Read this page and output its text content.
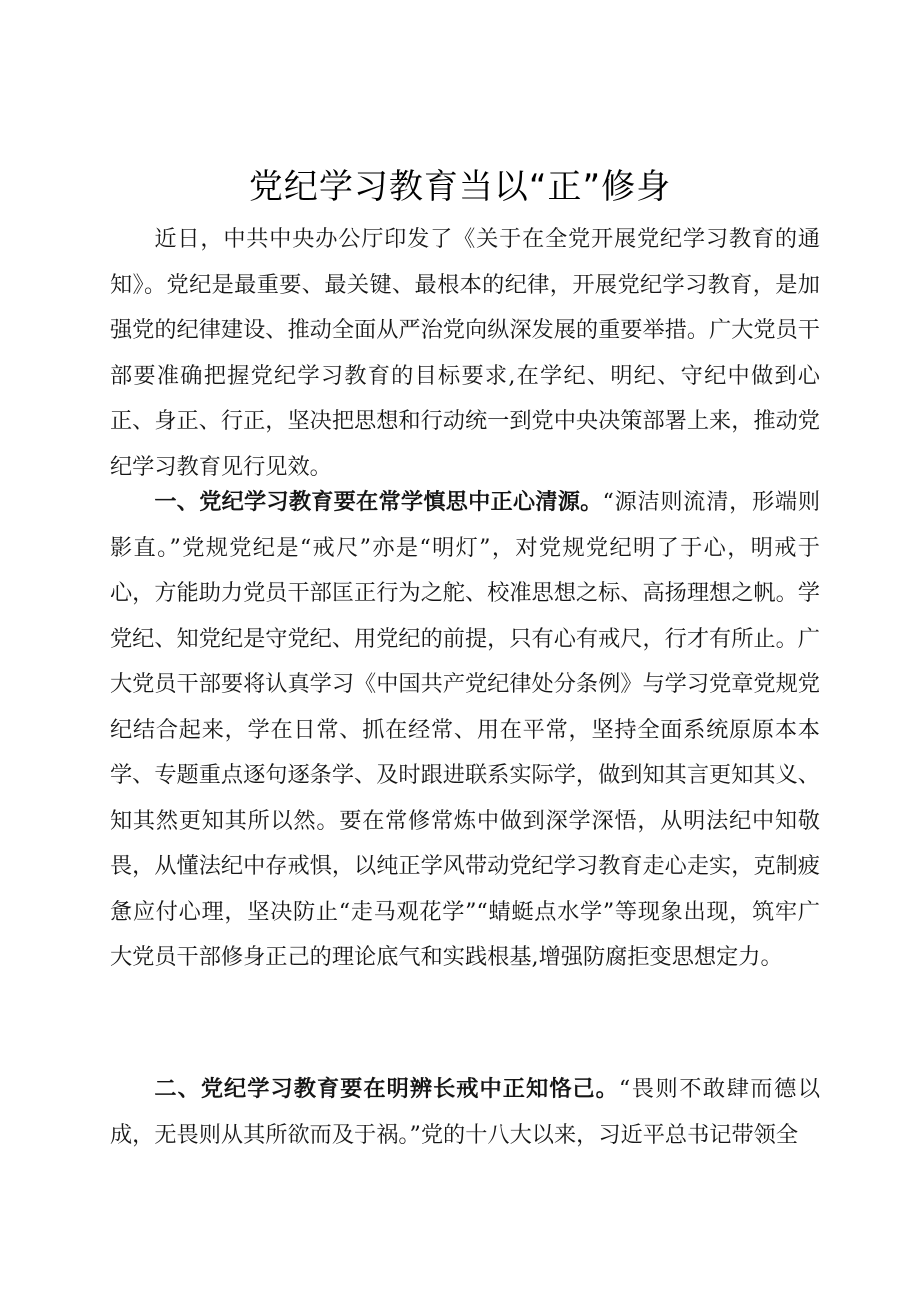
党纪学习教育当以“正”修身

近日，中共中央办公厅印发了《关于在全党开展党纪学习教育的通知》。党纪是最重要、最关键、最根本的纪律，开展党纪学习教育，是加强党的纪律建设、推动全面从严治党向纵深发展的重要举措。广大党员干部要准确把握党纪学习教育的目标要求,在学纪、明纪、守纪中做到心正、身正、行正，坚决把思想和行动统一到党中央决策部署上来，推动党纪学习教育见行见效。

一、党纪学习教育要在常学慎思中正心清源。“源洁则流清，形端则影直。”党规党纪是“戒尺”亦是“明灯”，对党规党纪明了于心，明戒于心，方能助力党员干部匡正行为之舵、校准思想之标、高扬理想之帆。学党纪、知党纪是守党纪、用党纪的前提，只有心有戒尺，行才有所止。广大党员干部要将认真学习《中国共产党纪律处分条例》与学习党章党规党纪结合起来，学在日常、抓在经常、用在平常，坚持全面系统原原本本学、专题重点逐句逐条学、及时跟进联系实际学，做到知其言更知其义、知其然更知其所以然。要在常修常炼中做到深学深悟，从明法纪中知敬畏，从懂法纪中存戒惧，以纯正学风带动党纪学习教育走心走实，克制疲惫应付心理，坚决防止“走马观花学”“蜻蜓点水学”等现象出现，筑牢广大党员干部修身正己的理论底气和实践根基,增强防腐拒变思想定力。

二、党纪学习教育要在明辨长戒中正知恪己。“畏则不敢肆而德以成，无畏则从其所欲而及于祸。”党的十八大以来，习近平总书记带领全
